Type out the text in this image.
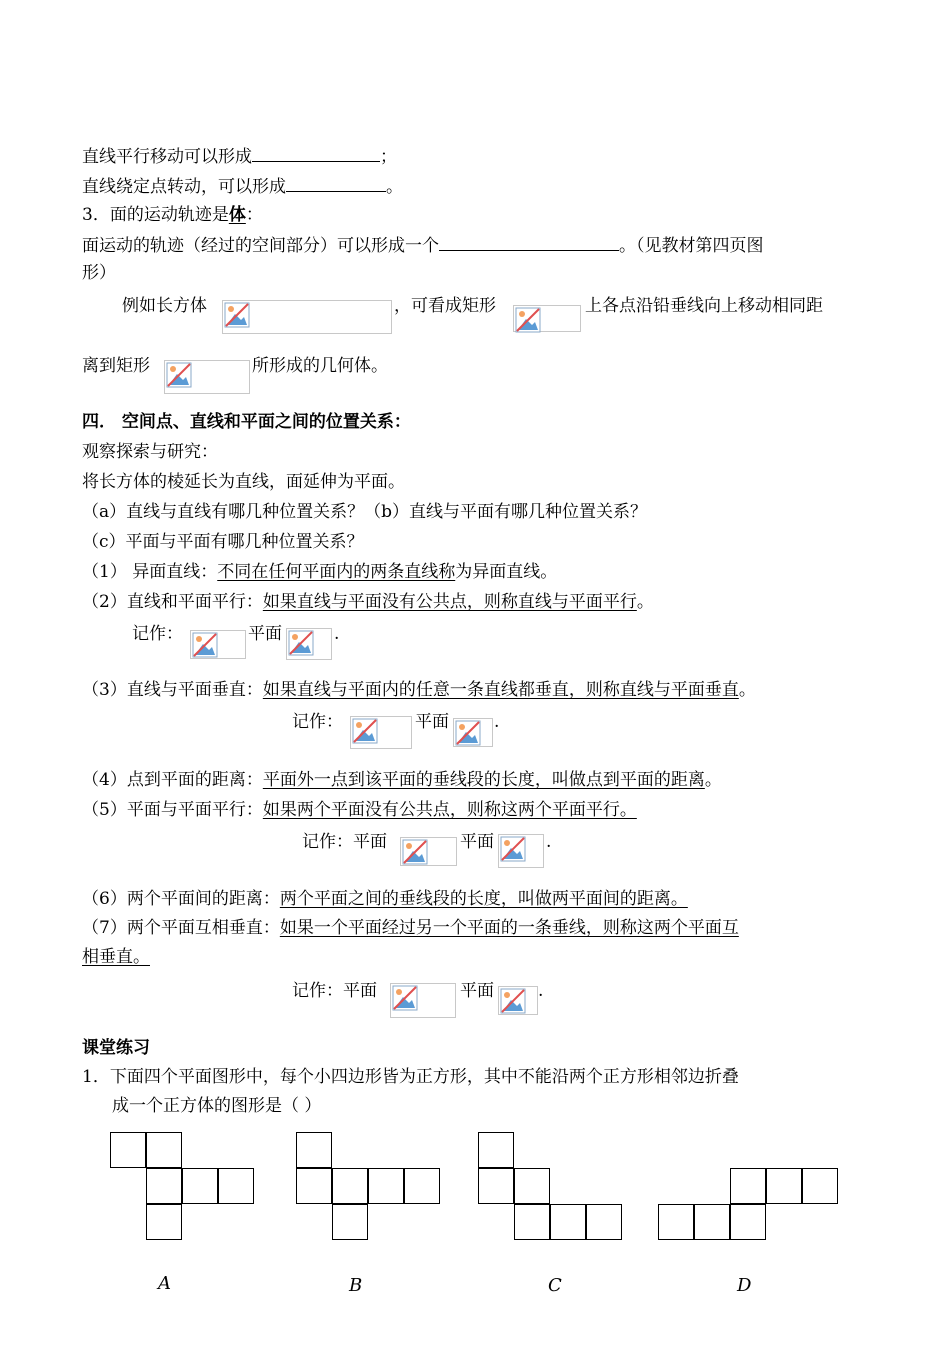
直线平行移动可以形成	；
直线绕定点转动，可以形成	。
3．面的运动轨迹是体：
面运动的轨迹（经过的空间部分）可以形成一个	。（见教材第四页图
形）
例如长方体	，可看成矩形	上各点沿铅垂线向上移动相同距
离到矩形	所形成的几何体。
四． 空间点、直线和平面之间的位置关系：
观察探索与研究：
将长方体的棱延长为直线，面延伸为平面。
（a）直线与直线有哪几种位置关系？（b）直线与平面有哪几种位置关系？
（c）平面与平面有哪几种位置关系？
（1） 异面直线：不同在任何平面内的两条直线称为异面直线。
（2）直线和平面平行：如果直线与平面没有公共点，则称直线与平面平行。
记作：	平面	.
（3）直线与平面垂直：如果直线与平面内的任意一条直线都垂直，则称直线与平面垂直。
记作：	平面	.
（4）点到平面的距离：平面外一点到该平面的垂线段的长度，叫做点到平面的距离。
（5）平面与平面平行：如果两个平面没有公共点，则称这两个平面平行。
记作：平面	平面	.
（6）两个平面间的距离：两个平面之间的垂线段的长度，叫做两平面间的距离。
（7）两个平面互相垂直：如果一个平面经过另一个平面的一条垂线，则称这两个平面互
相垂直。
记作：平面	平面	.
课堂练习
1．下面四个平面图形中，每个小四边形皆为正方形，其中不能沿两个正方形相邻边折叠
成一个正方体的图形是（ ）
A	B	C	D
